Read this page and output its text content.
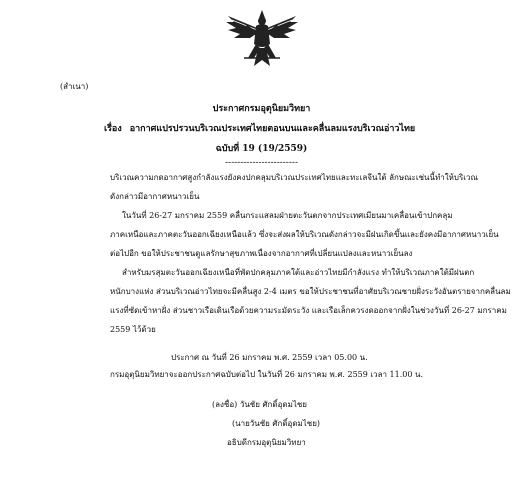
(สำเนา)
ประกาศกรมอุตุนิยมวิทยา
เรื่อง อากาศแปรปรวนบริเวณประเทศไทยตอนบนและคลื่นลมแรงบริเวณอ่าวไทย
ฉบับที่ 19 (19/2559)
------------------------
บริเวณความกดอากาศสูงกำลังแรงยังคงปกคลุมบริเวณประเทศไทยและทะเลจีนใต้ ลักษณะเช่นนี้ทำให้บริเวณ
ดังกล่าวมีอากาศหนาวเย็น
ในวันที่ 26-27 มกราคม 2559 คลื่นกระแสลมฝ่ายตะวันตกจากประเทศเมียนมาเคลื่อนเข้าปกคลุม
ภาคเหนือและภาคตะวันออกเฉียงเหนือแล้ว ซึ่งจะส่งผลให้บริเวณดังกล่าวจะมีฝนเกิดขึ้นและยังคงมีอากาศหนาวเย็น
ต่อไปอีก ขอให้ประชาชนดูแลรักษาสุขภาพเนื่องจากอากาศที่เปลี่ยนแปลงและหนาวเย็นลง
สำหรับมรสุมตะวันออกเฉียงเหนือที่พัดปกคลุมภาคใต้และอ่าวไทยมีกำลังแรง ทำให้บริเวณภาคใต้มีฝนตก
หนักบางแห่ง ส่วนบริเวณอ่าวไทยจะมีคลื่นสูง 2-4 เมตร ขอให้ประชาชนที่อาศัยบริเวณชายฝั่งระวังอันตรายจากคลื่นลม
แรงที่ซัดเข้าหาฝั่ง ส่วนชาวเรือเดินเรือด้วยความระมัดระวัง และเรือเล็กควรงดออกจากฝั่งในช่วงวันที่ 26-27 มกราคม
2559 ไว้ด้วย
ประกาศ ณ วันที่ 26 มกราคม พ.ศ. 2559 เวลา 05.00 น.
กรมอุตุนิยมวิทยาจะออกประกาศฉบับต่อไป ในวันที่ 26 มกราคม พ.ศ. 2559 เวลา 11.00 น.
(ลงชื่อ) วันชัย ศักดิ์อุดมไชย
(นายวันชัย ศักดิ์อุดมไชย)
อธิบดีกรมอุตุนิยมวิทยา
